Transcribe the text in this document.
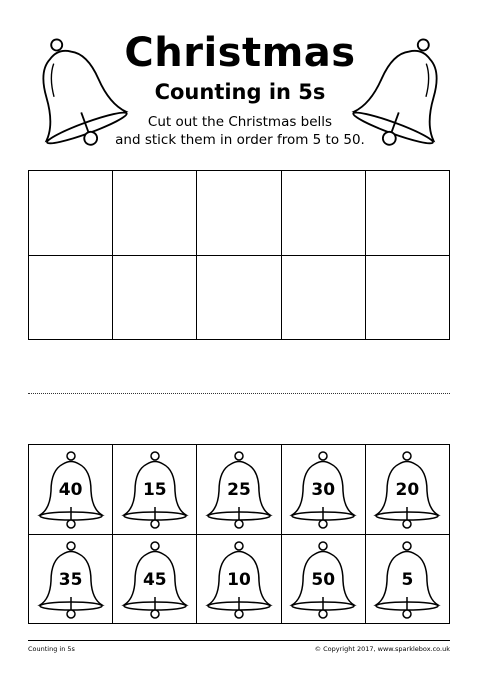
Christmas
Counting in 5s
Cut out the Christmas bells
and stick them in order from 5 to 50.
40	15	25	30	20
35	45	10	50	5
Counting in 5s	© Copyright 2017, www.sparklebox.co.uk
